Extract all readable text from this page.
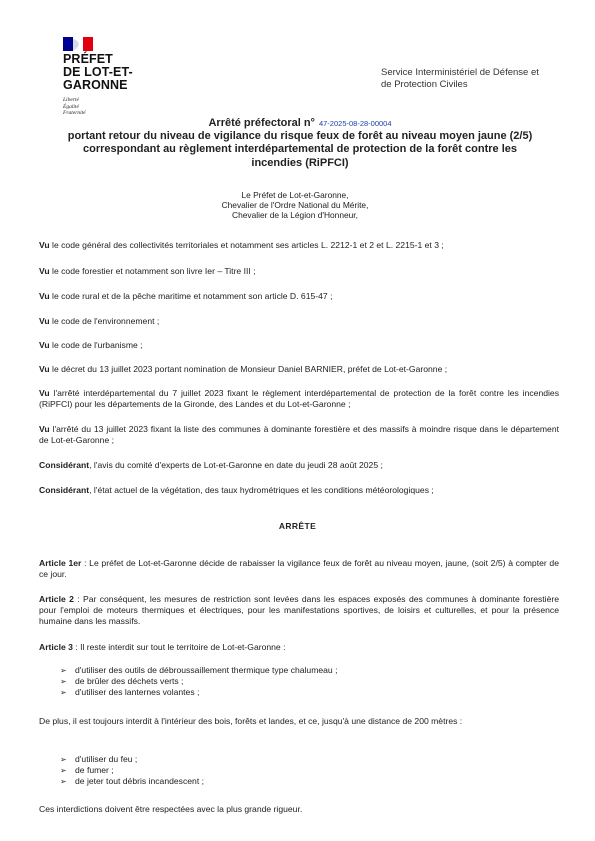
PRÉFET
DE LOT-ET-GARONNE
Liberté
Égalité
Fraternité
Service Interministériel de Défense et
de Protection Civiles
Arrêté préfectoral n° 47-2025-08-28-00004
portant retour du niveau de vigilance du risque feux de forêt au niveau moyen jaune (2/5)
correspondant au règlement interdépartemental de protection de la forêt contre les
incendies (RiPFCI)
Le Préfet de Lot-et-Garonne,
Chevalier de l'Ordre National du Mérite,
Chevalier de la Légion d'Honneur,
Vu le code général des collectivités territoriales et notamment ses articles L. 2212-1 et 2 et L. 2215-1 et 3 ;
Vu le code forestier et notamment son livre Ier – Titre III ;
Vu le code rural et de la pêche maritime et notamment son article D. 615-47 ;
Vu le code de l'environnement ;
Vu le code de l'urbanisme ;
Vu le décret du 13 juillet 2023 portant nomination de Monsieur Daniel BARNIER, préfet de Lot-et-Garonne ;
Vu l'arrêté interdépartemental du 7 juillet 2023 fixant le règlement interdépartemental de protection de la forêt contre les incendies (RiPFCI) pour les départements de la Gironde, des Landes et du Lot-et-Garonne ;
Vu l'arrêté du 13 juillet 2023 fixant la liste des communes à dominante forestière et des massifs à moindre risque dans le département de Lot-et-Garonne ;
Considérant, l'avis du comité d'experts de Lot-et-Garonne en date du jeudi 28 août 2025 ;
Considérant, l'état actuel de la végétation, des taux hydrométriques et les conditions météorologiques ;
ARRÊTE
Article 1er : Le préfet de Lot-et-Garonne décide de rabaisser la vigilance feux de forêt au niveau moyen, jaune, (soit 2/5) à compter de ce jour.
Article 2 : Par conséquent, les mesures de restriction sont levées dans les espaces exposés des communes à dominante forestière pour l'emploi de moteurs thermiques et électriques, pour les manifestations sportives, de loisirs et culturelles, et pour la présence humaine dans les massifs.
Article 3 : Il reste interdit sur tout le territoire de Lot-et-Garonne :
➢ d'utiliser des outils de débroussaillement thermique type chalumeau ;
➢ de brûler des déchets verts ;
➢ d'utiliser des lanternes volantes ;
De plus, il est toujours interdit à l'intérieur des bois, forêts et landes, et ce, jusqu'à une distance de 200 mètres :
➢ d'utiliser du feu ;
➢ de fumer ;
➢ de jeter tout débris incandescent ;
Ces interdictions doivent être respectées avec la plus grande rigueur.
